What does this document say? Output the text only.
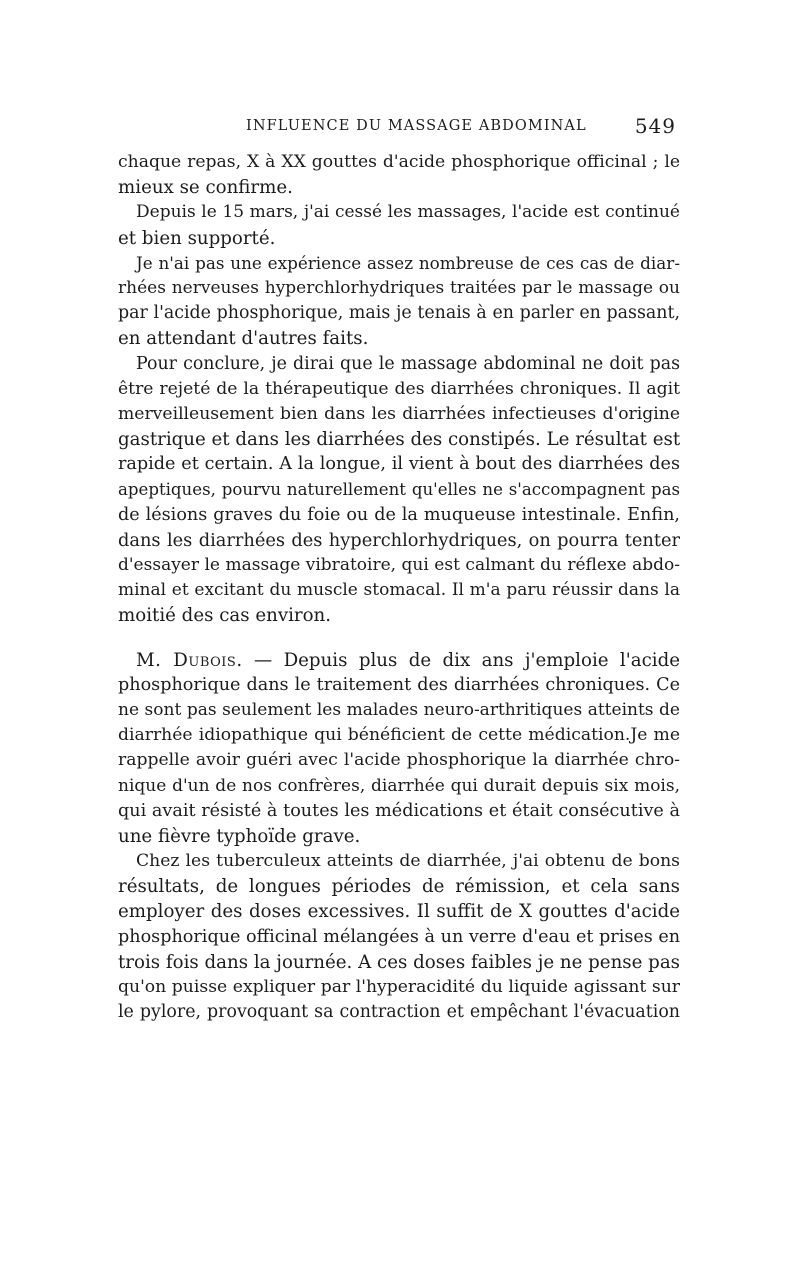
INFLUENCE DU MASSAGE ABDOMINAL 549
chaque repas, X à XX gouttes d'acide phosphorique officinal ; le
mieux se confirme.
Depuis le 15 mars, j'ai cessé les massages, l'acide est continué
et bien supporté.
Je n'ai pas une expérience assez nombreuse de ces cas de diar-
rhées nerveuses hyperchlorhydriques traitées par le massage ou
par l'acide phosphorique, mais je tenais à en parler en passant,
en attendant d'autres faits.
Pour conclure, je dirai que le massage abdominal ne doit pas
être rejeté de la thérapeutique des diarrhées chroniques. Il agit
merveilleusement bien dans les diarrhées infectieuses d'origine
gastrique et dans les diarrhées des constipés. Le résultat est
rapide et certain. A la longue, il vient à bout des diarrhées des
apeptiques, pourvu naturellement qu'elles ne s'accompagnent pas
de lésions graves du foie ou de la muqueuse intestinale. Enfin,
dans les diarrhées des hyperchlorhydriques, on pourra tenter
d'essayer le massage vibratoire, qui est calmant du réflexe abdo-
minal et excitant du muscle stomacal. Il m'a paru réussir dans la
moitié des cas environ.
M. Dubois. — Depuis plus de dix ans j'emploie l'acide
phosphorique dans le traitement des diarrhées chroniques. Ce
ne sont pas seulement les malades neuro-arthritiques atteints de
diarrhée idiopathique qui bénéficient de cette médication.Je me
rappelle avoir guéri avec l'acide phosphorique la diarrhée chro-
nique d'un de nos confrères, diarrhée qui durait depuis six mois,
qui avait résisté à toutes les médications et était consécutive à
une fièvre typhoïde grave.
Chez les tuberculeux atteints de diarrhée, j'ai obtenu de bons
résultats, de longues périodes de rémission, et cela sans
employer des doses excessives. Il suffit de X gouttes d'acide
phosphorique officinal mélangées à un verre d'eau et prises en
trois fois dans la journée. A ces doses faibles je ne pense pas
qu'on puisse expliquer par l'hyperacidité du liquide agissant sur
le pylore, provoquant sa contraction et empêchant l'évacuation
